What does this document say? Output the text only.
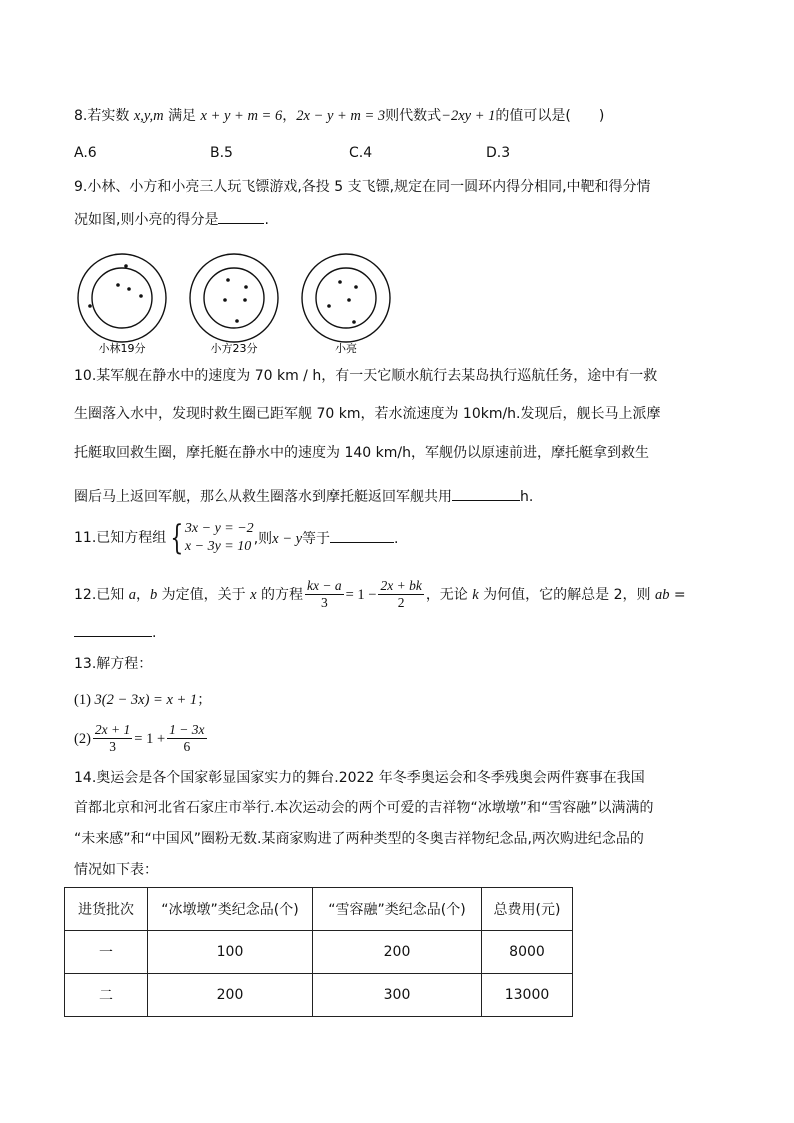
8.若实数 x,y,m 满足 x + y + m = 6，2x − y + m = 3则代数式−2xy + 1的值可以是(　　)
A.6	B.5	C.4	D.3
9.小林、小方和小亮三人玩飞镖游戏,各投 5 支飞镖,规定在同一圆环内得分相同,中靶和得分情
况如图,则小亮的得分是	.
小林19分	小方23分	小亮
10.某军舰在静水中的速度为 70 km / h，有一天它顺水航行去某岛执行巡航任务，途中有一救
生圈落入水中，发现时救生圈已距军舰 70 km，若水流速度为 10km/h.发现后，舰长马上派摩
托艇取回救生圈，摩托艇在静水中的速度为 140 km/h，军舰仍以原速前进，摩托艇拿到救生
圈后马上返回军舰，那么从救生圈落水到摩托艇返回军舰共用	h.
11.已知方程组 { 3x − y = −2
x − 3y = 10 ,则x − y等于	.
12.已知 a，b 为定值，关于 x 的方程 $\frac{kx - a}{3} = 1 - \frac{2x + bk}{2}$ ，无论 k 为何值，它的解总是 2，则 ab =
.
13.解方程：
(1) 3(2 − 3x) = x + 1；
$(2) \frac{2x + 1}{3} = 1 + \frac{1 - 3x}{6}$
14.奥运会是各个国家彰显国家实力的舞台.2022 年冬季奥运会和冬季残奥会两件赛事在我国
首都北京和河北省石家庄市举行.本次运动会的两个可爱的吉祥物“冰墩墩”和“雪容融”以满满的
“未来感”和“中国风”圈粉无数.某商家购进了两种类型的冬奥吉祥物纪念品,两次购进纪念品的
情况如下表：
进货批次	“冰墩墩”类纪念品(个)	“雪容融”类纪念品(个)	总费用(元)
一	100	200	8000
二	200	300	13000
